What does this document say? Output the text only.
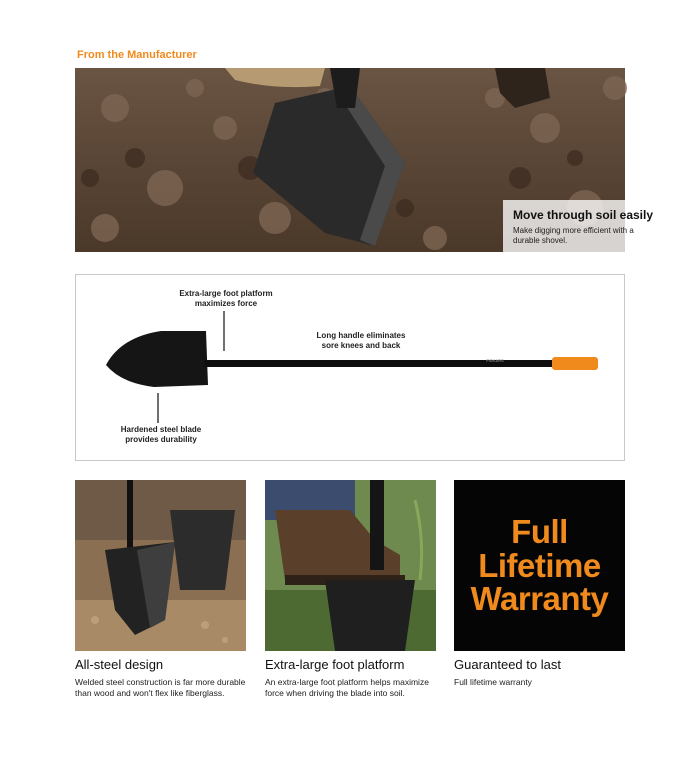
From the Manufacturer
Move through soil easily
Make digging more efficient with a durable shovel.
Extra-large foot platform
maximizes force
Long handle eliminates
sore knees and back
Hardened steel blade
provides durability
FISKARS
Full
Lifetime
Warranty
All-steel design
Welded steel construction is far more durable than wood and won't flex like fiberglass.
Extra-large foot platform
An extra-large foot platform helps maximize force when driving the blade into soil.
Guaranteed to last
Full lifetime warranty
